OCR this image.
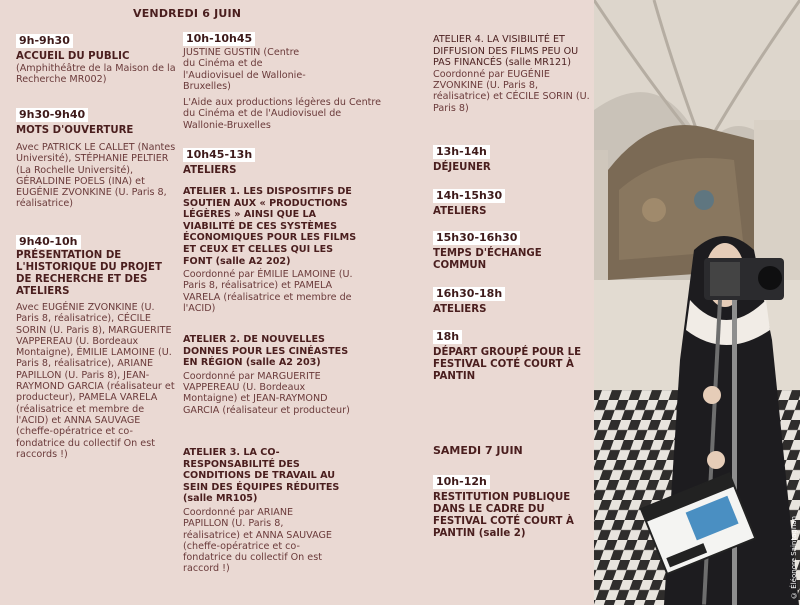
VENDREDI 6 JUIN
9h-9h30
ACCUEIL DU PUBLIC
(Amphithéâtre de la Maison de la Recherche MR002)
9h30-9h40
MOTS D'OUVERTURE
Avec PATRICK LE CALLET (Nantes Université), STÉPHANIE PELTIER (La Rochelle Université), GÉRALDINE POELS (INA) et EUGÉNIE ZVONKINE (U. Paris 8, réalisatrice)
9h40-10h
PRÉSENTATION DE L'HISTORIQUE DU PROJET DE RECHERCHE ET DES ATELIERS
Avec EUGÉNIE ZVONKINE (U. Paris 8, réalisatrice), CÉCILE SORIN (U. Paris 8), MARGUERITE VAPPEREAU (U. Bordeaux Montaigne), ÉMILIE LAMOINE (U. Paris 8, réalisatrice), ARIANE PAPILLON (U. Paris 8), JEAN-RAYMOND GARCIA (réalisateur et producteur), PAMELA VARELA (réalisatrice et membre de l'ACID) et ANNA SAUVAGE (cheffe-opératrice et co-fondatrice du collectif On est raccords !)
10h-10h45
JUSTINE GUSTIN (Centre du Cinéma et de l'Audiovisuel de Wallonie-Bruxelles)
L'Aide aux productions légères du Centre du Cinéma et de l'Audiovisuel de Wallonie-Bruxelles
10h45-13h
ATELIERS
ATELIER 1. LES DISPOSITIFS DE SOUTIEN AUX « PRODUCTIONS LÉGÈRES » AINSI QUE LA VIABILITÉ DE CES SYSTÈMES ÉCONOMIQUES POUR LES FILMS ET CEUX ET CELLES QUI LES FONT (salle A2 202)
Coordonné par ÉMILIE LAMOINE (U. Paris 8, réalisatrice) et PAMELA VARELA (réalisatrice et membre de l'ACID)
ATELIER 2. DE NOUVELLES DONNES POUR LES CINÉASTES EN RÉGION (salle A2 203)
Coordonné par MARGUERITE VAPPEREAU (U. Bordeaux Montaigne) et JEAN-RAYMOND GARCIA (réalisateur et producteur)
ATELIER 3. LA CO-RESPONSABILITÉ DES CONDITIONS DE TRAVAIL AU SEIN DES ÉQUIPES RÉDUITES (salle MR105)
Coordonné par ARIANE PAPILLON (U. Paris 8, réalisatrice) et ANNA SAUVAGE (cheffe-opératrice et co-fondatrice du collectif On est raccord !)
ATELIER 4. LA VISIBILITÉ ET DIFFUSION DES FILMS PEU OU PAS FINANCÉS (salle MR121)
Coordonné par EUGÉNIE ZVONKINE (U. Paris 8, réalisatrice) et CÉCILE SORIN (U. Paris 8)
13h-14h
DÉJEUNER
14h-15h30
ATELIERS
15h30-16h30
TEMPS D'ÉCHANGE COMMUN
16h30-18h
ATELIERS
18h
DÉPART GROUPÉ POUR LE FESTIVAL COTÉ COURT À PANTIN
10h-12h
RESTITUTION PUBLIQUE DANS LE CADRE DU FESTIVAL COTÉ COURT À PANTIN (salle 2)
SAMEDI 7 JUIN
© Éléonore Saintagnan
